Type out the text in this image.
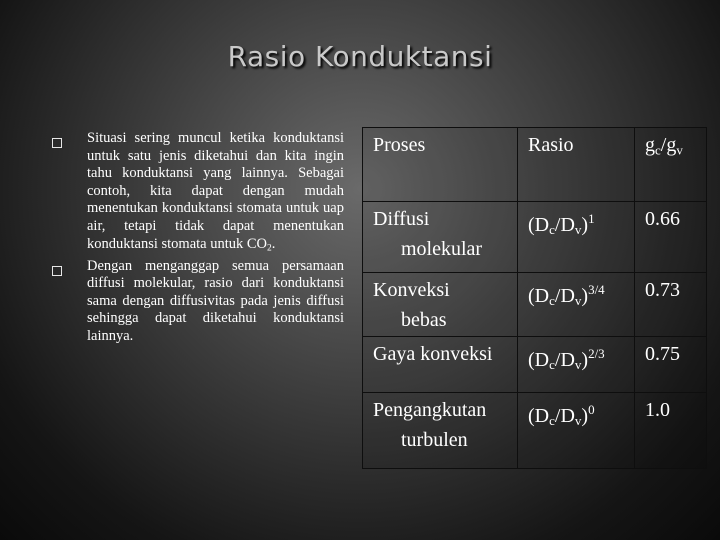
Rasio Konduktansi
Situasi sering muncul ketika konduktansi untuk satu jenis diketahui dan kita ingin tahu konduktansi yang lainnya. Sebagai contoh, kita dapat dengan mudah menentukan konduktansi stomata untuk uap air, tetapi tidak dapat menentukan konduktansi stomata untuk $CO_2$.
Dengan menganggap semua persamaan diffusi molekular, rasio dari konduktansi sama dengan diffusivitas pada jenis diffusi sehingga dapat diketahui konduktansi lainnya.
Proses	Rasio	$g_c/g_v$
Diffusi
molekular	$(D_c/D_v)^1$	0.66
Konveksi
bebas	$(D_c/D_v)^{3/4}$	0.73
Gaya konveksi	$(D_c/D_v)^{2/3}$	0.75
Pengangkutan
turbulen	$(D_c/D_v)^0$	1.0
